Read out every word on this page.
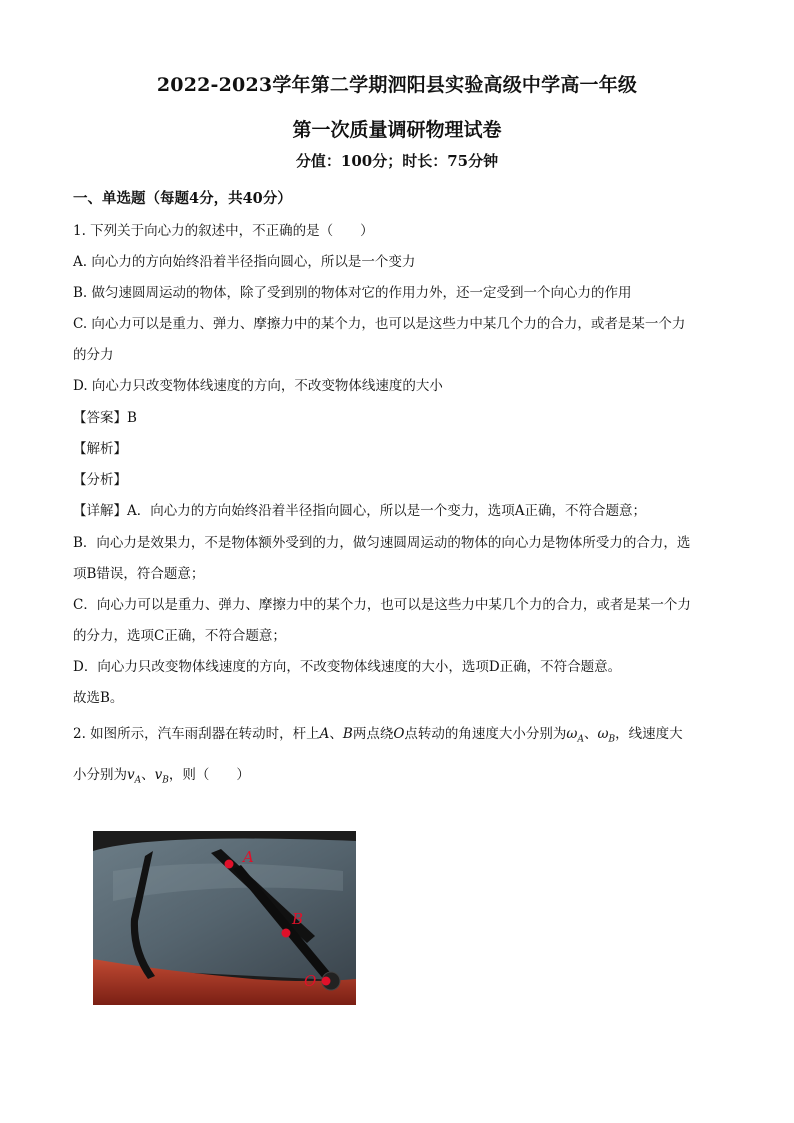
2022-2023学年第二学期泗阳县实验高级中学高一年级
第一次质量调研物理试卷
分值：100分；时长：75分钟
一、单选题（每题4分，共40分）
1. 下列关于向心力的叙述中，不正确的是（　　）
A. 向心力的方向始终沿着半径指向圆心，所以是一个变力
B. 做匀速圆周运动的物体，除了受到别的物体对它的作用力外，还一定受到一个向心力的作用
C. 向心力可以是重力、弹力、摩擦力中的某个力，也可以是这些力中某几个力的合力，或者是某一个力
的分力
D. 向心力只改变物体线速度的方向，不改变物体线速度的大小
【答案】B
【解析】
【分析】
【详解】A．向心力的方向始终沿着半径指向圆心，所以是一个变力，选项A正确，不符合题意；
B．向心力是效果力，不是物体额外受到的力，做匀速圆周运动的物体的向心力是物体所受力的合力，选
项B错误，符合题意；
C．向心力可以是重力、弹力、摩擦力中的某个力，也可以是这些力中某几个力的合力，或者是某一个力
的分力，选项C正确，不符合题意；
D．向心力只改变物体线速度的方向，不改变物体线速度的大小，选项D正确，不符合题意。
故选B。
2. 如图所示，汽车雨刮器在转动时，杆上A、B两点绕O点转动的角速度大小分别为$\omega_A$、$\omega_B$，线速度大
小分别为$v_A$、$v_B$，则（　　）
A
B
O
